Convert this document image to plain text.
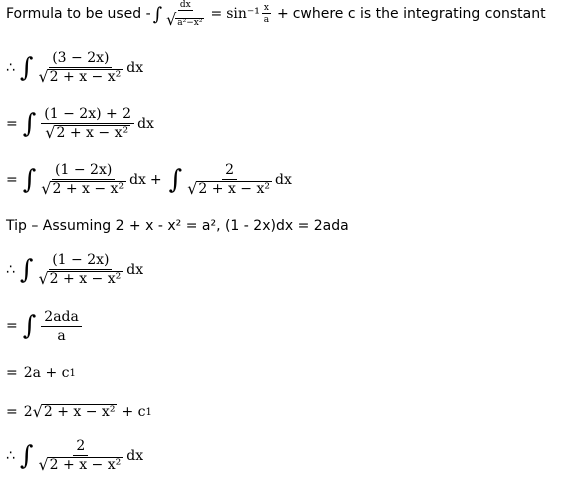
Formula to be used - ∫ $\frac{dx}{\text{√ a²−x²}} = \sin^{-1} \frac{x}{a} + c$ where c is the integrating constant
∴ ∫ $\frac{(3 - 2x)}{\text{√ 2 + x − x²}}$ dx
= ∫ $\frac{(1 - 2x) + 2}{\text{√ 2 + x − x²}}$ dx
= ∫ $\frac{(1 - 2x)}{\text{√ 2 + x − x²}}$ dx + ∫ $\frac{2}{\text{√ 2 + x − x²}}$ dx
Tip – Assuming 2 + x - x² = a², (1 - 2x)dx = 2ada
∴ ∫ $\frac{(1 - 2x)}{\text{√ 2 + x − x²}}$ dx
= ∫ $\frac{\text{2ada}}{a}$
= 2a + c 1
= 2 √ 2 + x − x² + c 1
∴ ∫ $\frac{2}{\text{√ 2 + x − x²}}$ dx
